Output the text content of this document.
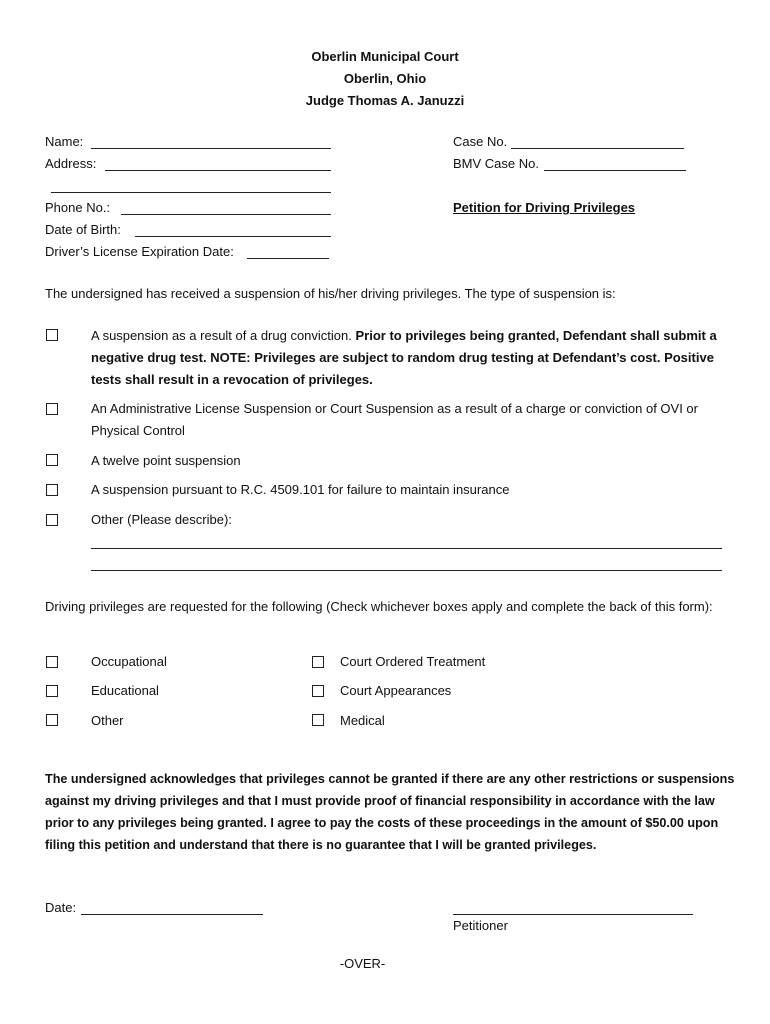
Oberlin Municipal Court
Oberlin, Ohio
Judge Thomas A. Januzzi
Name:
Address:
Phone No.:
Date of Birth:
Driver’s License Expiration Date:
Case No.
BMV Case No.
Petition for Driving Privileges
The undersigned has received a suspension of his/her driving privileges. The type of suspension is:
A suspension as a result of a drug conviction. Prior to privileges being granted, Defendant shall submit a negative drug test. NOTE: Privileges are subject to random drug testing at Defendant’s cost. Positive tests shall result in a revocation of privileges.
An Administrative License Suspension or Court Suspension as a result of a charge or conviction of OVI or Physical Control
A twelve point suspension
A suspension pursuant to R.C. 4509.101 for failure to maintain insurance
Other (Please describe):
Driving privileges are requested for the following (Check whichever boxes apply and complete the back of this form):
Occupational
Educational
Other
Court Ordered Treatment
Court Appearances
Medical
The undersigned acknowledges that privileges cannot be granted if there are any other restrictions or suspensions against my driving privileges and that I must provide proof of financial responsibility in accordance with the law prior to any privileges being granted. I agree to pay the costs of these proceedings in the amount of $50.00 upon filing this petition and understand that there is no guarantee that I will be granted privileges.
Date:
Petitioner
-OVER-
